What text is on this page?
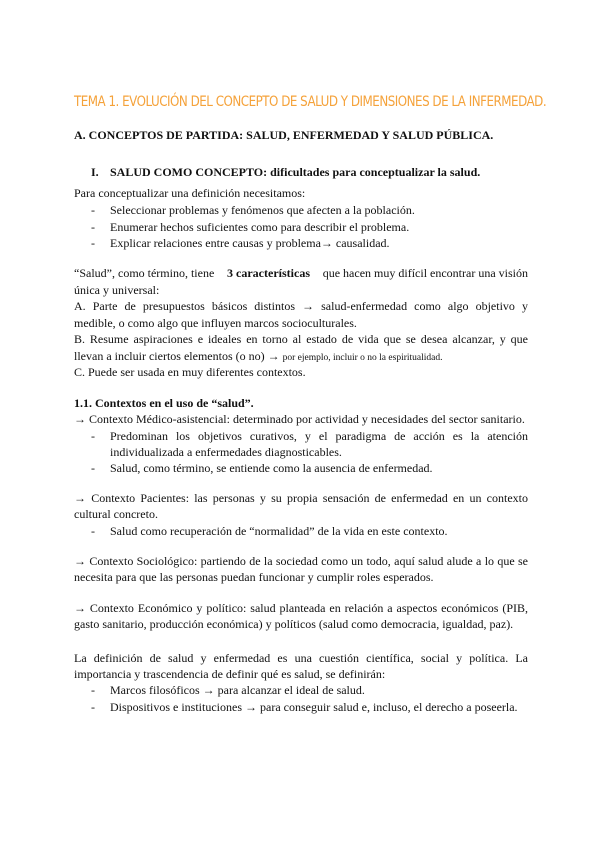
TEMA 1. EVOLUCIÓN DEL CONCEPTO DE SALUD Y DIMENSIONES DE LA INFERMEDAD.
A. CONCEPTOS DE PARTIDA: SALUD, ENFERMEDAD Y SALUD PÚBLICA.
I. SALUD COMO CONCEPTO: dificultades para conceptualizar la salud.
Para conceptualizar una definición necesitamos:
- Seleccionar problemas y fenómenos que afecten a la población.
- Enumerar hechos suficientes como para describir el problema.
- Explicar relaciones entre causas y problema→ causalidad.
“Salud”, como término, tiene 3 características que hacen muy difícil encontrar una visión
única y universal:
A. Parte de presupuestos básicos distintos → salud-enfermedad como algo objetivo y
medible, o como algo que influyen marcos socioculturales.
B. Resume aspiraciones e ideales en torno al estado de vida que se desea alcanzar, y que
llevan a incluir ciertos elementos (o no) → por ejemplo, incluir o no la espiritualidad.
C. Puede ser usada en muy diferentes contextos.
1.1. Contextos en el uso de “salud”.
→ Contexto Médico-asistencial: determinado por actividad y necesidades del sector sanitario.
- Predominan los objetivos curativos, y el paradigma de acción es la atención
individualizada a enfermedades diagnosticables.
- Salud, como término, se entiende como la ausencia de enfermedad.
→ Contexto Pacientes: las personas y su propia sensación de enfermedad en un contexto
cultural concreto.
- Salud como recuperación de “normalidad” de la vida en este contexto.
→ Contexto Sociológico: partiendo de la sociedad como un todo, aquí salud alude a lo que se
necesita para que las personas puedan funcionar y cumplir roles esperados.
→ Contexto Económico y político: salud planteada en relación a aspectos económicos (PIB,
gasto sanitario, producción económica) y políticos (salud como democracia, igualdad, paz).
La definición de salud y enfermedad es una cuestión científica, social y política. La
importancia y trascendencia de definir qué es salud, se definirán:
- Marcos filosóficos → para alcanzar el ideal de salud.
- Dispositivos e instituciones → para conseguir salud e, incluso, el derecho a poseerla.
